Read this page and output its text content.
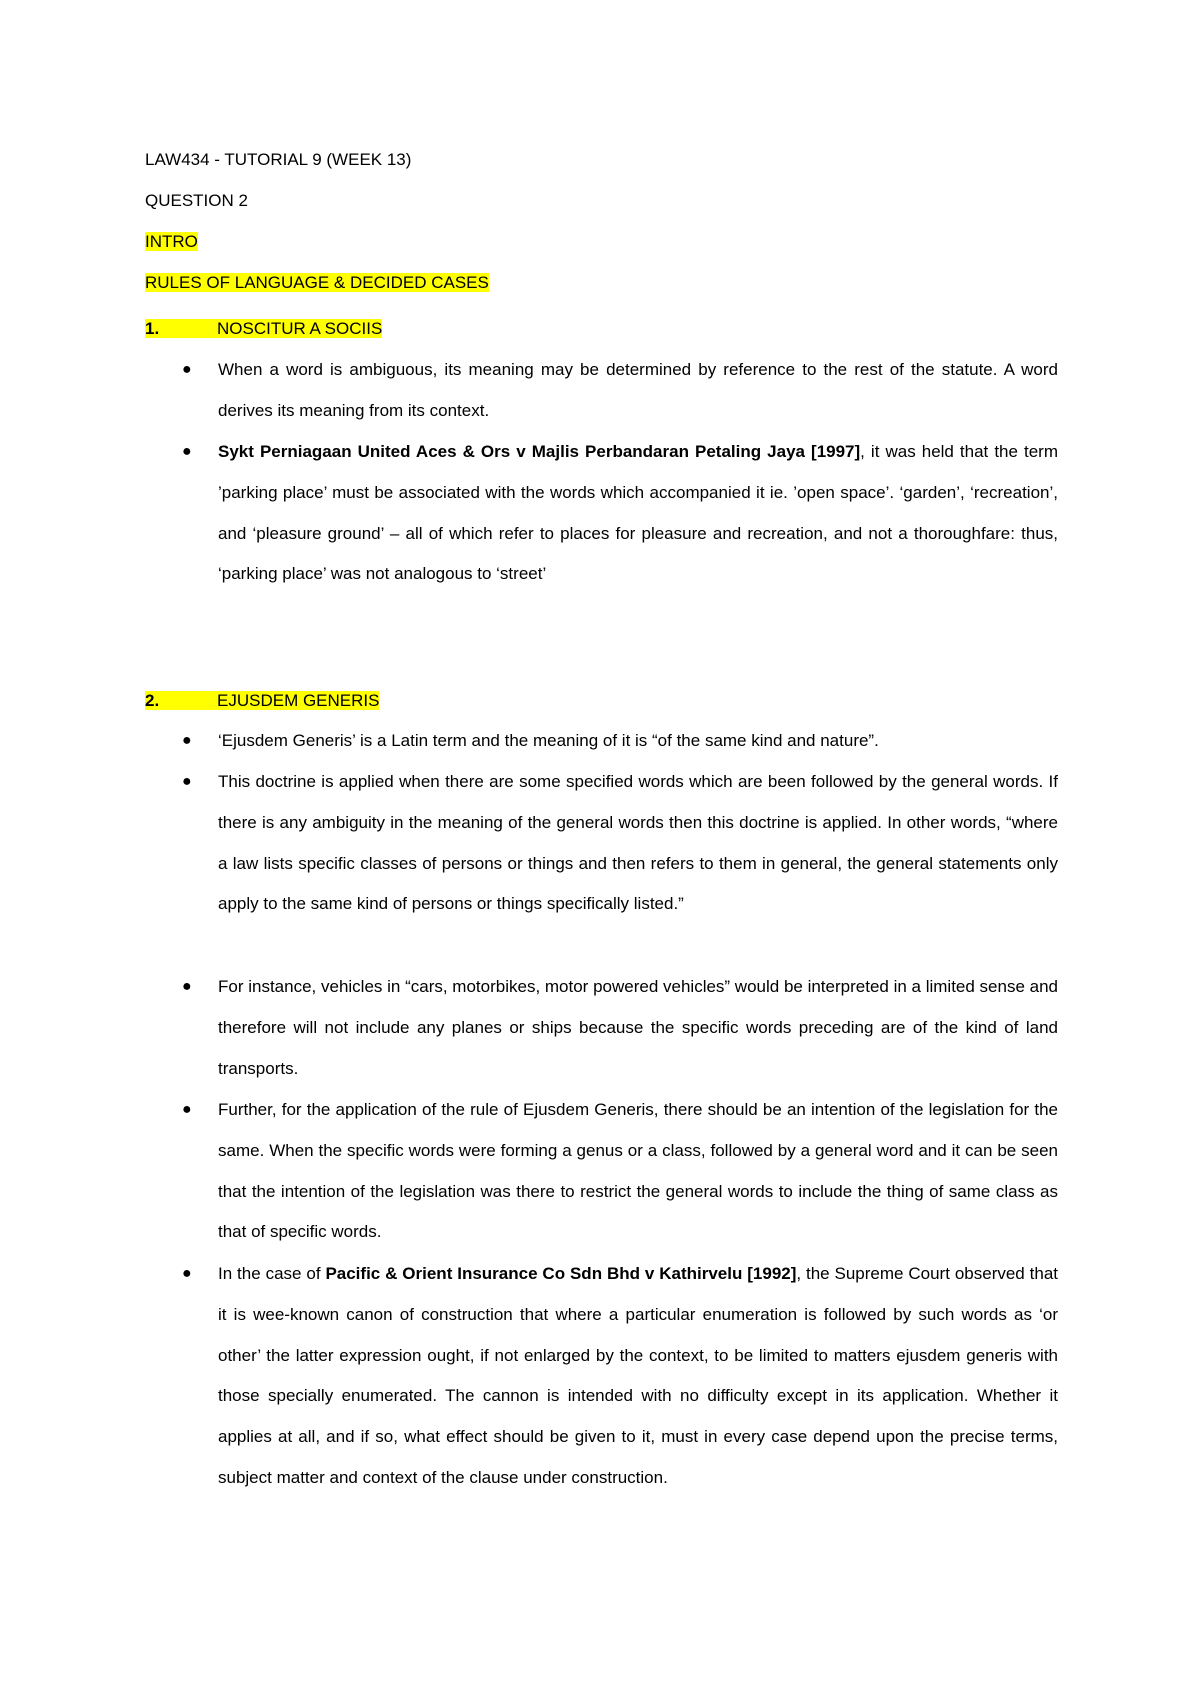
LAW434 - TUTORIAL 9 (WEEK 13)
QUESTION 2
INTRO
RULES OF LANGUAGE & DECIDED CASES
1.	NOSCITUR A SOCIIS
● When a word is ambiguous, its meaning may be determined by reference to the rest of the statute. A word derives its meaning from its context.
● Sykt Perniagaan United Aces & Ors v Majlis Perbandaran Petaling Jaya [1997], it was held that the term ’parking place’ must be associated with the words which accompanied it ie. ’open space’. ‘garden’, ‘recreation’, and ‘pleasure ground’ – all of which refer to places for pleasure and recreation, and not a thoroughfare: thus, ‘parking place’ was not analogous to ‘street’
2.	EJUSDEM GENERIS
● ‘Ejusdem Generis’ is a Latin term and the meaning of it is “of the same kind and nature”.
● This doctrine is applied when there are some specified words which are been followed by the general words. If there is any ambiguity in the meaning of the general words then this doctrine is applied. In other words, “where a law lists specific classes of persons or things and then refers to them in general, the general statements only apply to the same kind of persons or things specifically listed.”
● For instance, vehicles in “cars, motorbikes, motor powered vehicles” would be interpreted in a limited sense and therefore will not include any planes or ships because the specific words preceding are of the kind of land transports.
● Further, for the application of the rule of Ejusdem Generis, there should be an intention of the legislation for the same. When the specific words were forming a genus or a class, followed by a general word and it can be seen that the intention of the legislation was there to restrict the general words to include the thing of same class as that of specific words.
● In the case of Pacific & Orient Insurance Co Sdn Bhd v Kathirvelu [1992], the Supreme Court observed that it is wee-known canon of construction that where a particular enumeration is followed by such words as ‘or other’ the latter expression ought, if not enlarged by the context, to be limited to matters ejusdem generis with those specially enumerated. The cannon is intended with no difficulty except in its application. Whether it applies at all, and if so, what effect should be given to it, must in every case depend upon the precise terms, subject matter and context of the clause under construction.
